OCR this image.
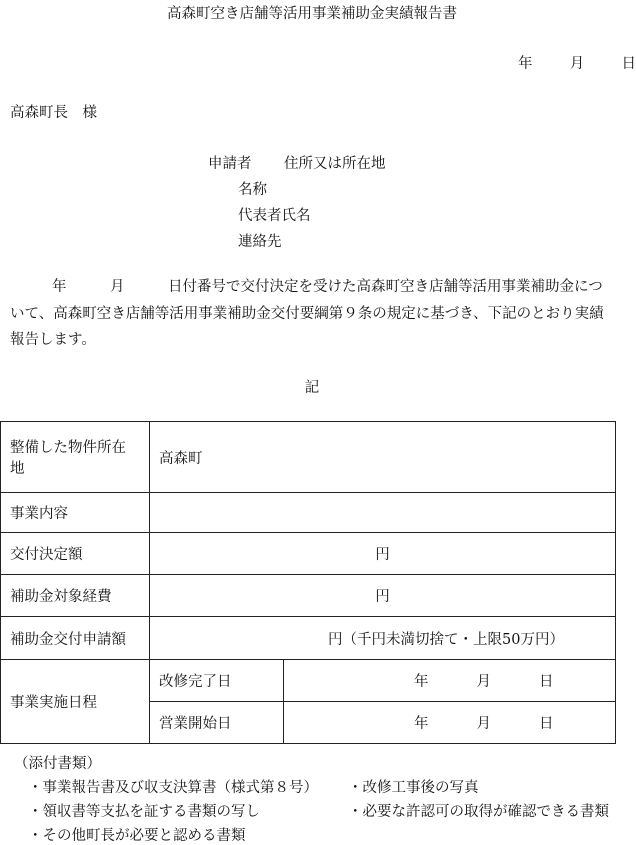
高森町空き店舗等活用事業補助金実績報告書
年	月	日
高森町長　様
申請者 住所又は所在地
名称
代表者氏名
連絡先
年　　　月　　　日付番号で交付決定を受けた高森町空き店舗等活用事業補助金について、高森町空き店舗等活用事業補助金交付要綱第９条の規定に基づき、下記のとおり実績報告します。
記
整備した物件所在地	高森町	
事業内容		
交付決定額	円	
補助金対象経費	円	
補助金交付申請額	円（千円未満切捨て・上限50万円）	
事業実施日程	改修完了日	年 月 日
	営業開始日	年 月 日
（添付書類）
・事業報告書及び収支決算書（様式第８号） ・改修工事後の写真
・領収書等支払を証する書類の写し	・必要な許認可の取得が確認できる書類
・その他町長が必要と認める書類
